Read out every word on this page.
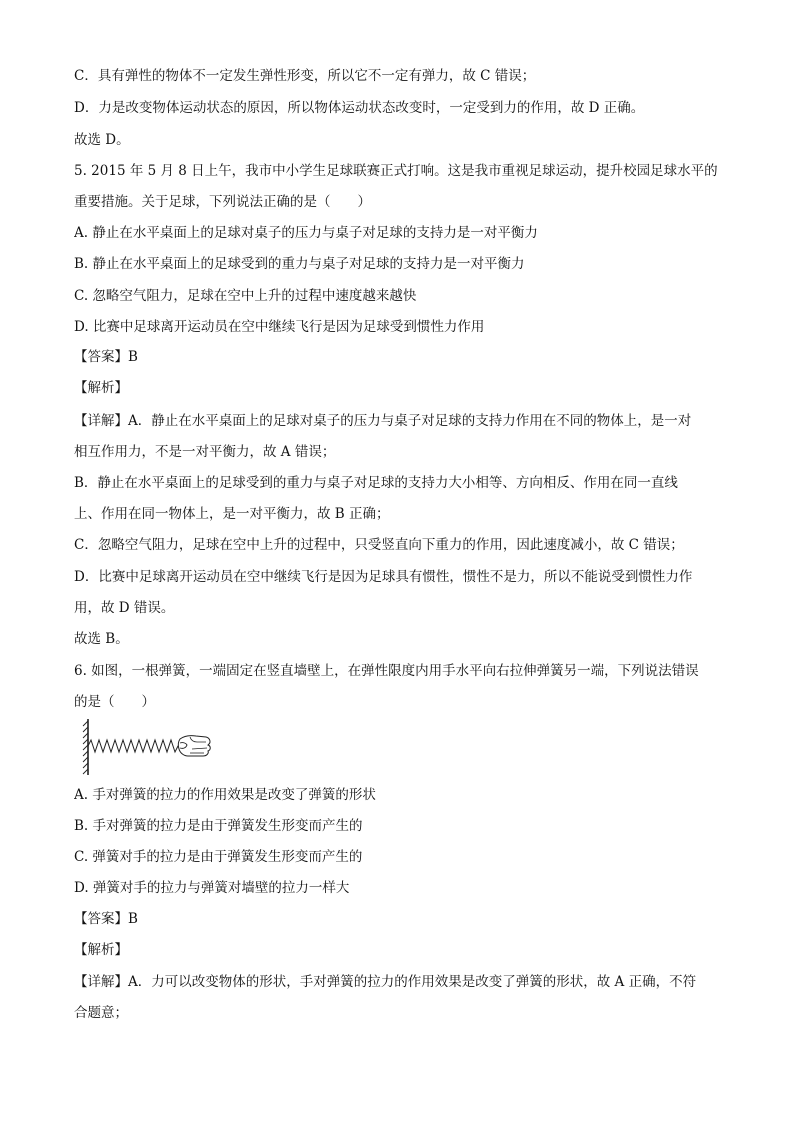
C．具有弹性的物体不一定发生弹性形变，所以它不一定有弹力，故 C 错误；
D．力是改变物体运动状态的原因，所以物体运动状态改变时，一定受到力的作用，故 D 正确。
故选 D。
5. 2015 年 5 月 8 日上午，我市中小学生足球联赛正式打响。这是我市重视足球运动，提升校园足球水平的
重要措施。关于足球，下列说法正确的是（　　）
A. 静止在水平桌面上的足球对桌子的压力与桌子对足球的支持力是一对平衡力
B. 静止在水平桌面上的足球受到的重力与桌子对足球的支持力是一对平衡力
C. 忽略空气阻力，足球在空中上升的过程中速度越来越快
D. 比赛中足球离开运动员在空中继续飞行是因为足球受到惯性力作用
【答案】B
【解析】
【详解】A．静止在水平桌面上的足球对桌子的压力与桌子对足球的支持力作用在不同的物体上，是一对
相互作用力，不是一对平衡力，故 A 错误；
B．静止在水平桌面上的足球受到的重力与桌子对足球的支持力大小相等、方向相反、作用在同一直线
上、作用在同一物体上，是一对平衡力，故 B 正确；
C．忽略空气阻力，足球在空中上升的过程中，只受竖直向下重力的作用，因此速度减小，故 C 错误；
D．比赛中足球离开运动员在空中继续飞行是因为足球具有惯性，惯性不是力，所以不能说受到惯性力作
用，故 D 错误。
故选 B。
6. 如图，一根弹簧，一端固定在竖直墙壁上，在弹性限度内用手水平向右拉伸弹簧另一端，下列说法错误
的是（　　）
A. 手对弹簧的拉力的作用效果是改变了弹簧的形状
B. 手对弹簧的拉力是由于弹簧发生形变而产生的
C. 弹簧对手的拉力是由于弹簧发生形变而产生的
D. 弹簧对手的拉力与弹簧对墙壁的拉力一样大
【答案】B
【解析】
【详解】A．力可以改变物体的形状，手对弹簧的拉力的作用效果是改变了弹簧的形状，故 A 正确，不符
合题意；
